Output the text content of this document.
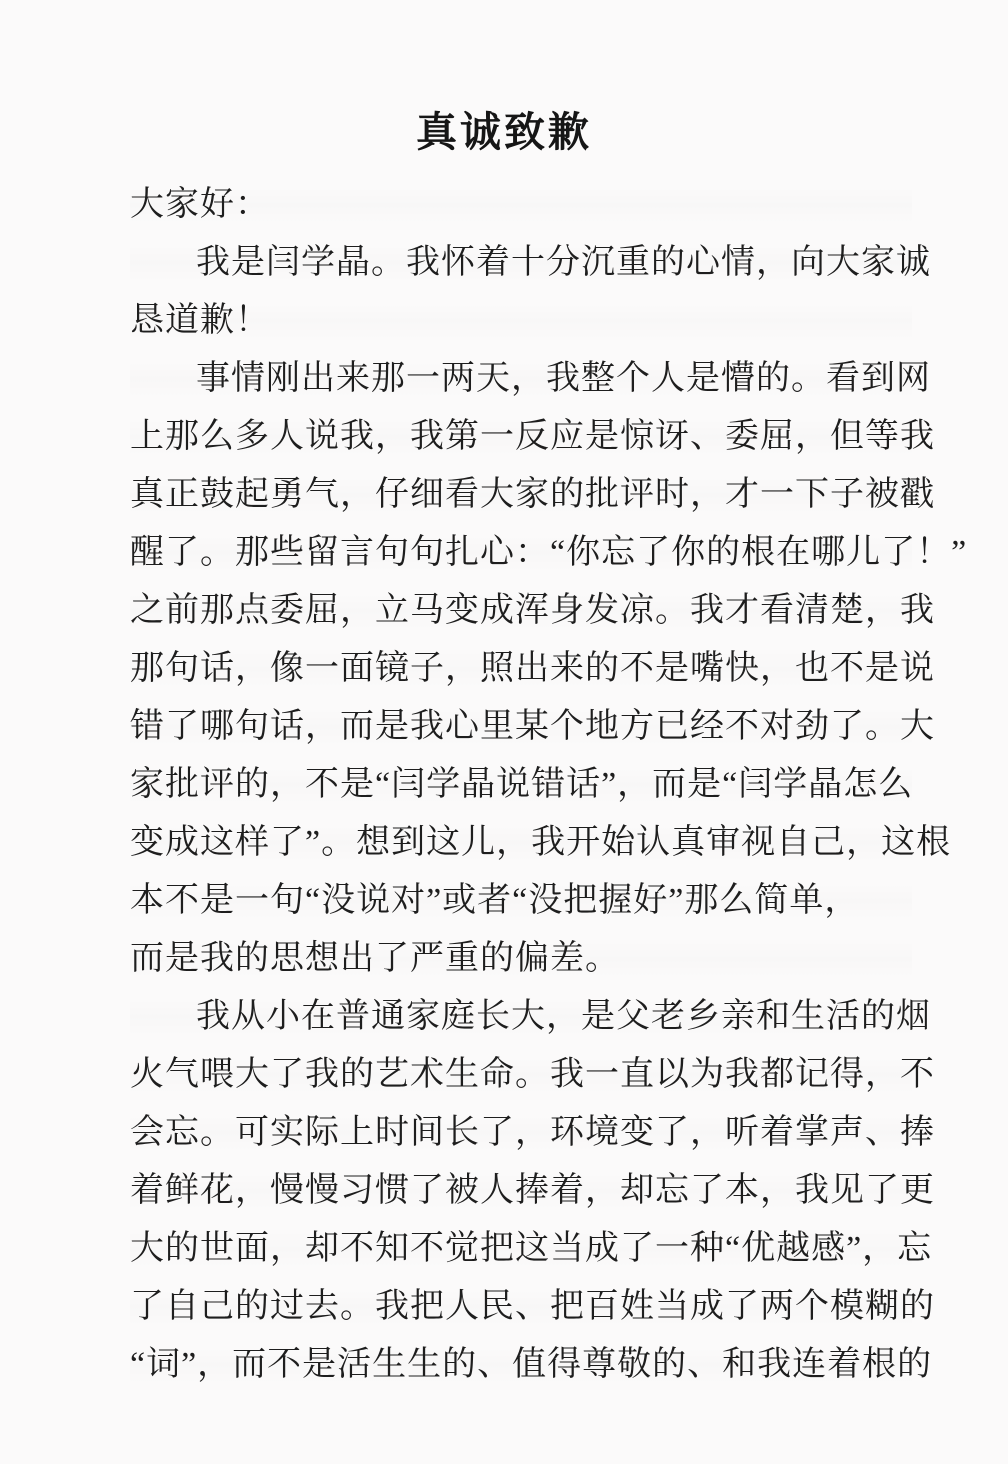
真诚致歉
大家好：
我是闫学晶。我怀着十分沉重的心情，向大家诚
恳道歉！
事情刚出来那一两天，我整个人是懵的。看到网
上那么多人说我，我第一反应是惊讶、委屈，但等我
真正鼓起勇气，仔细看大家的批评时，才一下子被戳
醒了。那些留言句句扎心：“你忘了你的根在哪儿了！”
之前那点委屈，立马变成浑身发凉。我才看清楚，我
那句话，像一面镜子，照出来的不是嘴快，也不是说
错了哪句话，而是我心里某个地方已经不对劲了。大
家批评的，不是“闫学晶说错话”，而是“闫学晶怎么
变成这样了”。想到这儿，我开始认真审视自己，这根
本不是一句“没说对”或者“没把握好”那么简单，
而是我的思想出了严重的偏差。
我从小在普通家庭长大，是父老乡亲和生活的烟
火气喂大了我的艺术生命。我一直以为我都记得，不
会忘。可实际上时间长了，环境变了，听着掌声、捧
着鲜花，慢慢习惯了被人捧着，却忘了本，我见了更
大的世面，却不知不觉把这当成了一种“优越感”，忘
了自己的过去。我把人民、把百姓当成了两个模糊的
“词”，而不是活生生的、值得尊敬的、和我连着根的
